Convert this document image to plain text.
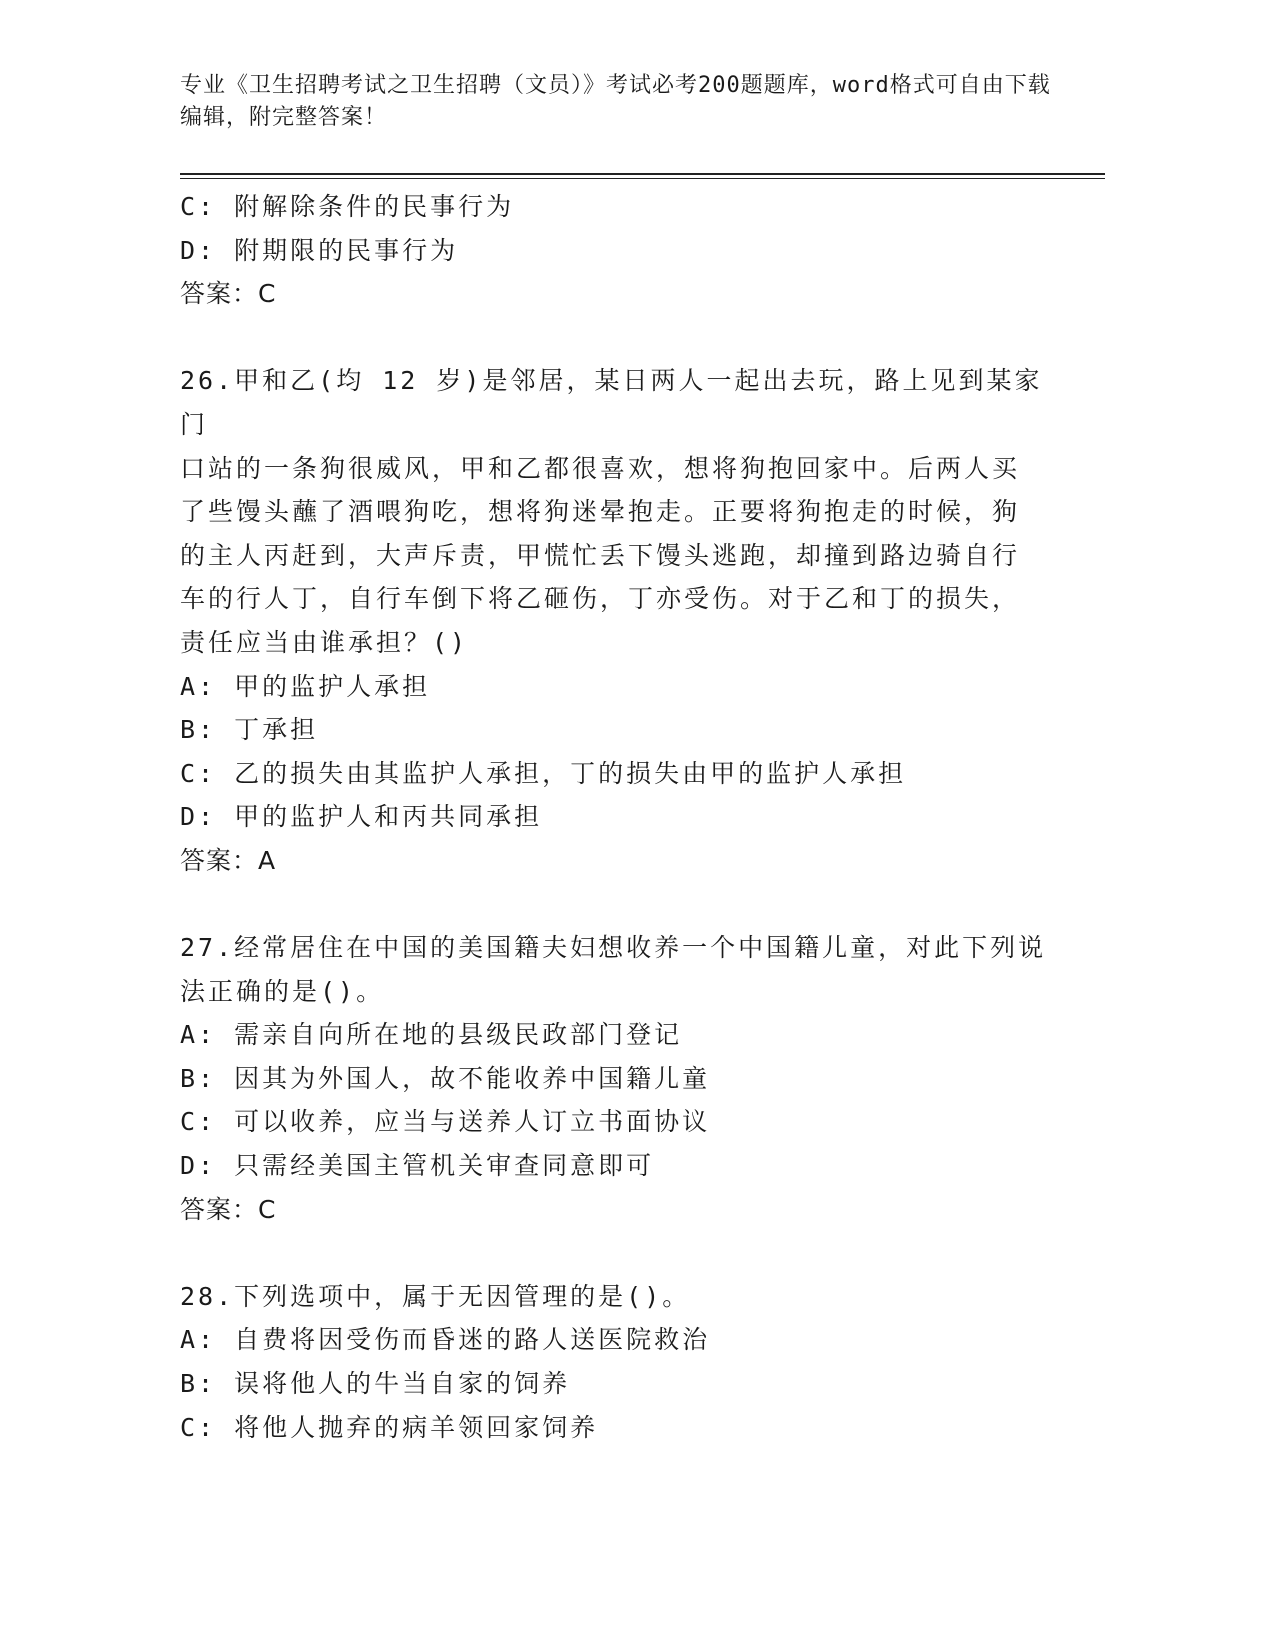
专业《卫生招聘考试之卫生招聘（文员）》考试必考200题题库，word格式可自由下载编辑，附完整答案！
C: 附解除条件的民事行为
D: 附期限的民事行为
答案：C
26.甲和乙(均 12 岁)是邻居，某日两人一起出去玩，路上见到某家门
口站的一条狗很威风，甲和乙都很喜欢，想将狗抱回家中。后两人买
了些馒头蘸了酒喂狗吃，想将狗迷晕抱走。正要将狗抱走的时候，狗
的主人丙赶到，大声斥责，甲慌忙丢下馒头逃跑，却撞到路边骑自行
车的行人丁，自行车倒下将乙砸伤，丁亦受伤。对于乙和丁的损失，
责任应当由谁承担？()
A: 甲的监护人承担
B: 丁承担
C: 乙的损失由其监护人承担，丁的损失由甲的监护人承担
D: 甲的监护人和丙共同承担
答案：A
27.经常居住在中国的美国籍夫妇想收养一个中国籍儿童，对此下列说
法正确的是()。
A: 需亲自向所在地的县级民政部门登记
B: 因其为外国人，故不能收养中国籍儿童
C: 可以收养，应当与送养人订立书面协议
D: 只需经美国主管机关审查同意即可
答案：C
28.下列选项中，属于无因管理的是()。
A: 自费将因受伤而昏迷的路人送医院救治
B: 误将他人的牛当自家的饲养
C: 将他人抛弃的病羊领回家饲养
